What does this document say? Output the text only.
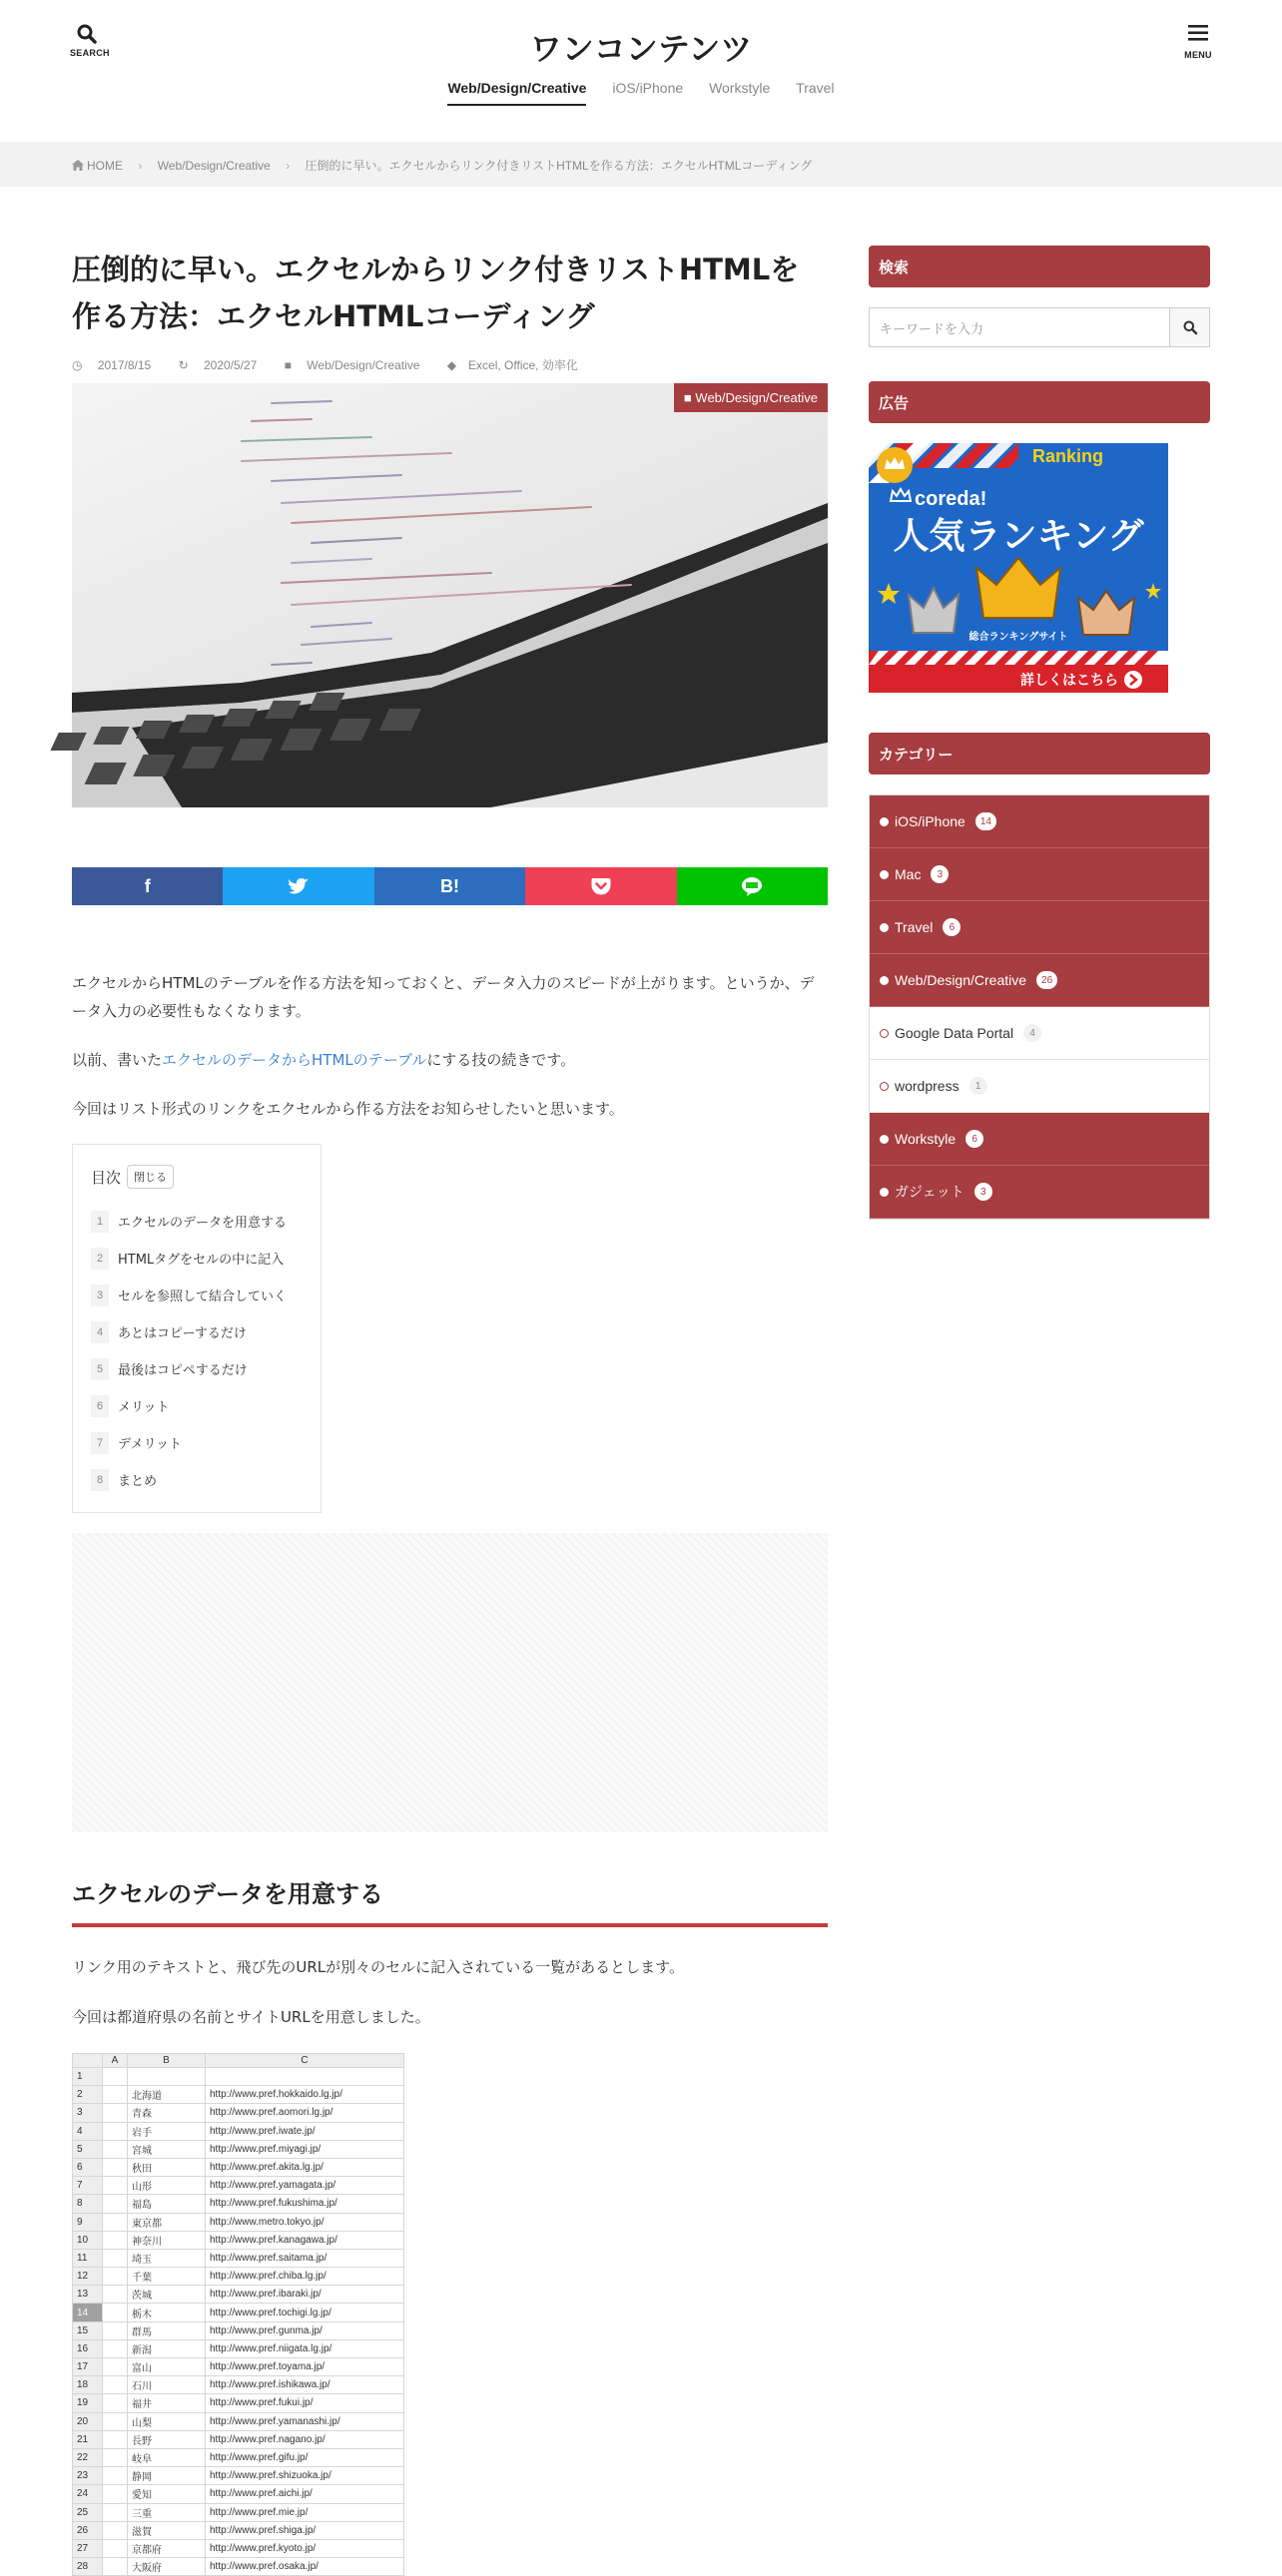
SEARCH	ワンコンテンツ	MENU
Web/Design/Creative iOS/iPhone Workstyle Travel
HOME › Web/Design/Creative › 圧倒的に早い。エクセルからリンク付きリストHTMLを作る方法：エクセルHTMLコーディング
圧倒的に早い。エクセルからリンク付きリストHTMLを作る方法：エクセルHTMLコーディング
◷ 2017/8/15 ↻ 2020/5/27 ■ Web/Design/Creative ◆ Excel, Office, 効率化
■ Web/Design/Creative
f	B!

エクセルからHTMLのテーブルを作る方法を知っておくと、データ入力のスピードが上がります。というか、データ入力の必要性もなくなります。

以前、書いたエクセルのデータからHTMLのテーブルにする技の続きです。

今回はリスト形式のリンクをエクセルから作る方法をお知らせしたいと思います。

目次	閉じる
1	エクセルのデータを用意する
2	HTMLタグをセルの中に記入
3	セルを参照して結合していく
4	あとはコピーするだけ
5	最後はコピペするだけ
6	メリット
7	デメリット
8	まとめ
エクセルのデータを用意する

リンク用のテキストと、飛び先のURLが別々のセルに記入されている一覧があるとします。

今回は都道府県の名前とサイトURLを用意しました。

	A	B	C
1			
2		北海道	http://www.pref.hokkaido.lg.jp/
3		青森	http://www.pref.aomori.lg.jp/
4		岩手	http://www.pref.iwate.jp/
5		宮城	http://www.pref.miyagi.jp/
6		秋田	http://www.pref.akita.lg.jp/
7		山形	http://www.pref.yamagata.jp/
8		福島	http://www.pref.fukushima.jp/
9		東京都	http://www.metro.tokyo.jp/
10		神奈川	http://www.pref.kanagawa.jp/
11		埼玉	http://www.pref.saitama.jp/
12		千葉	http://www.pref.chiba.lg.jp/
13		茨城	http://www.pref.ibaraki.jp/
14		栃木	http://www.pref.tochigi.lg.jp/
15		群馬	http://www.pref.gunma.jp/
16		新潟	http://www.pref.niigata.lg.jp/
17		富山	http://www.pref.toyama.jp/
18		石川	http://www.pref.ishikawa.jp/
19		福井	http://www.pref.fukui.jp/
20		山梨	http://www.pref.yamanashi.jp/
21		長野	http://www.pref.nagano.jp/
22		岐阜	http://www.pref.gifu.jp/
23		静岡	http://www.pref.shizuoka.jp/
24		愛知	http://www.pref.aichi.jp/
25		三重	http://www.pref.mie.jp/
26		滋賀	http://www.pref.shiga.jp/
27		京都府	http://www.pref.kyoto.jp/
28		大阪府	http://www.pref.osaka.jp/
検索
キーワードを入力
広告
Ranking
coreda!
人気ランキング
総合ランキングサイト
詳しくはこちら
カテゴリー
iOS/iPhone	14
Mac	3
Travel	6
Web/Design/Creative	26
Google Data Portal	4
wordpress	1
Workstyle	6
ガジェット	3
